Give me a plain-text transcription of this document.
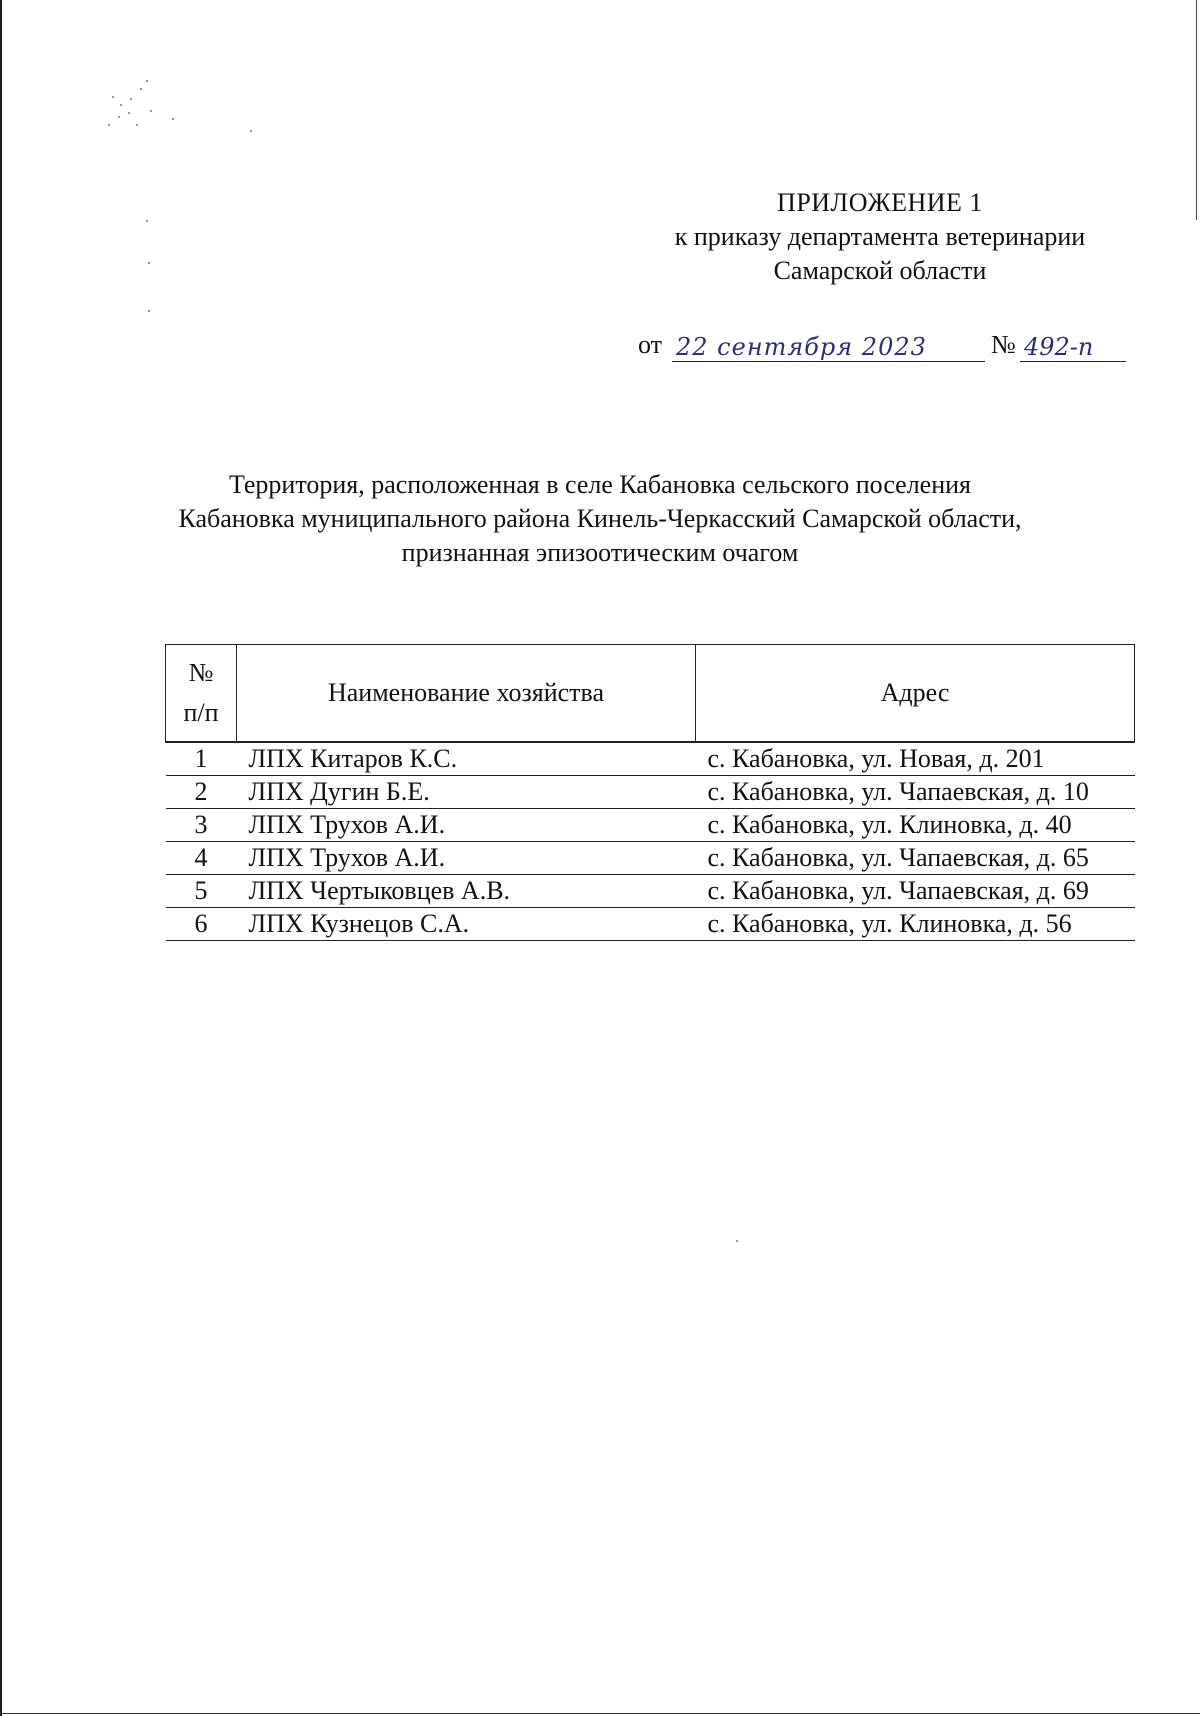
ПРИЛОЖЕНИЕ 1
к приказу департамента ветеринарии
Самарской области
от 22 сентября 2023	№ 492-п
Территория, расположенная в селе Кабановка сельского поселения
Кабановка муниципального района Кинель-Черкасский Самарской области,
признанная эпизоотическим очагом
№
п/п	Наименование хозяйства	Адрес
1	ЛПХ Китаров К.С.	с. Кабановка, ул. Новая, д. 201
2	ЛПХ Дугин Б.Е.	с. Кабановка, ул. Чапаевская, д. 10
3	ЛПХ Трухов А.И.	с. Кабановка, ул. Клиновка, д. 40
4	ЛПХ Трухов А.И.	с. Кабановка, ул. Чапаевская, д. 65
5	ЛПХ Чертыковцев А.В.	с. Кабановка, ул. Чапаевская, д. 69
6	ЛПХ Кузнецов С.А.	с. Кабановка, ул. Клиновка, д. 56
